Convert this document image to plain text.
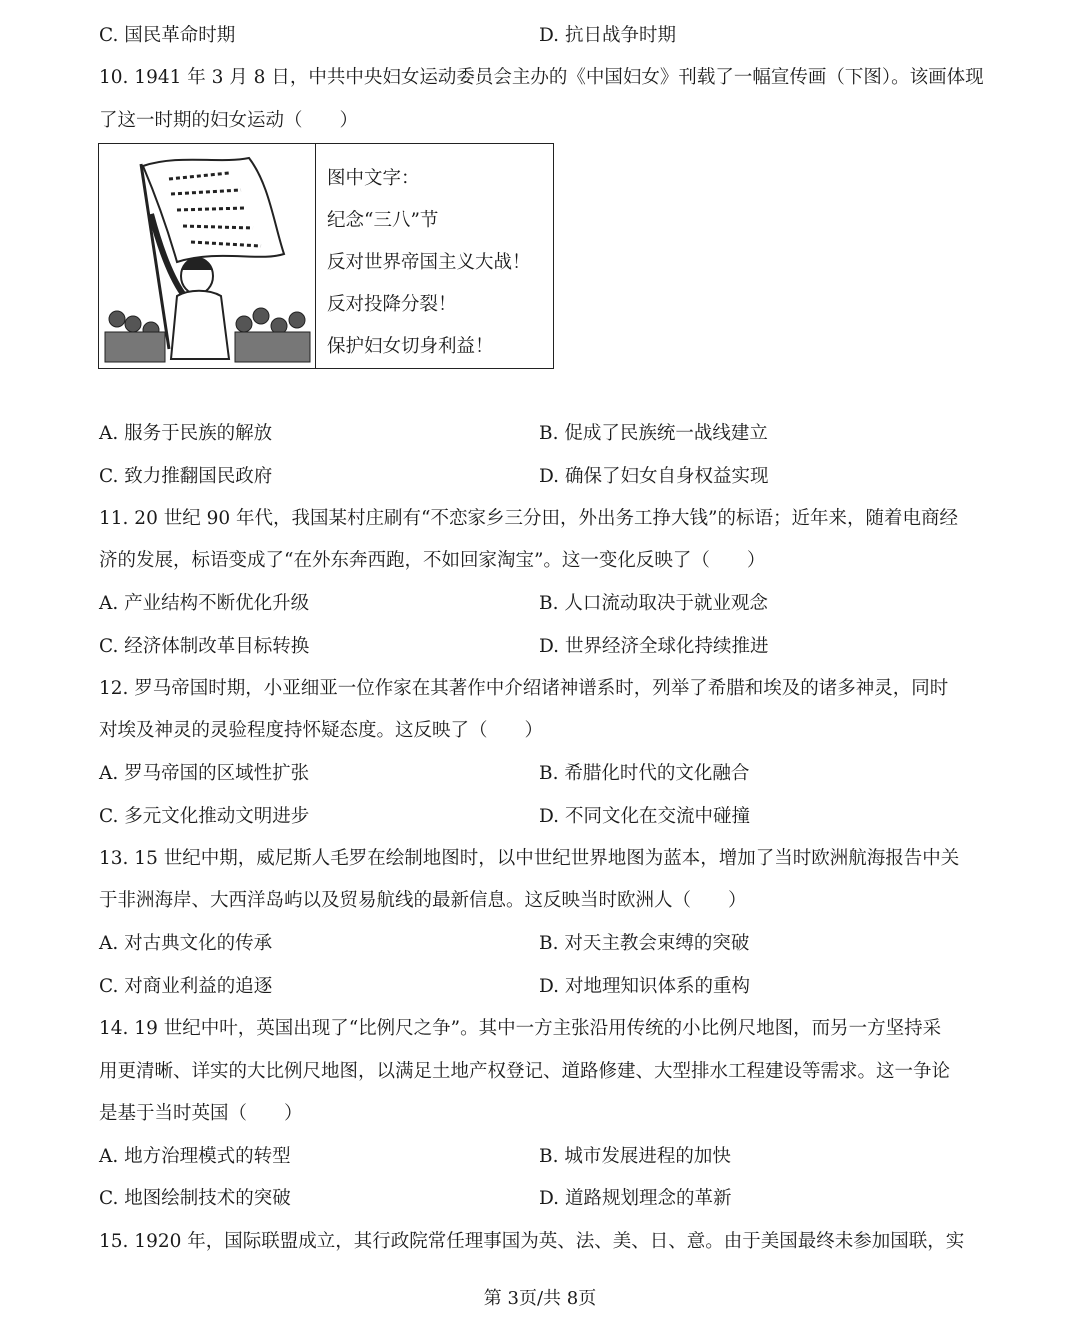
C. 国民革命时期	D. 抗日战争时期
10. 1941 年 3 月 8 日，中共中央妇女运动委员会主办的《中国妇女》刊载了一幅宣传画（下图）。该画体现
了这一时期的妇女运动（　　）
图中文字：
纪念“三八”节
反对世界帝国主义大战！
反对投降分裂！
保护妇女切身利益！
A. 服务于民族的解放	B. 促成了民族统一战线建立
C. 致力推翻国民政府	D. 确保了妇女自身权益实现
11. 20 世纪 90 年代，我国某村庄刷有“不恋家乡三分田，外出务工挣大钱”的标语；近年来，随着电商经
济的发展，标语变成了“在外东奔西跑，不如回家淘宝”。这一变化反映了（　　）
A. 产业结构不断优化升级	B. 人口流动取决于就业观念
C. 经济体制改革目标转换	D. 世界经济全球化持续推进
12. 罗马帝国时期，小亚细亚一位作家在其著作中介绍诸神谱系时，列举了希腊和埃及的诸多神灵，同时
对埃及神灵的灵验程度持怀疑态度。这反映了（　　）
A. 罗马帝国的区域性扩张	B. 希腊化时代的文化融合
C. 多元文化推动文明进步	D. 不同文化在交流中碰撞
13. 15 世纪中期，威尼斯人毛罗在绘制地图时，以中世纪世界地图为蓝本，增加了当时欧洲航海报告中关
于非洲海岸、大西洋岛屿以及贸易航线的最新信息。这反映当时欧洲人（　　）
A. 对古典文化的传承	B. 对天主教会束缚的突破
C. 对商业利益的追逐	D. 对地理知识体系的重构
14. 19 世纪中叶，英国出现了“比例尺之争”。其中一方主张沿用传统的小比例尺地图，而另一方坚持采
用更清晰、详实的大比例尺地图，以满足土地产权登记、道路修建、大型排水工程建设等需求。这一争论
是基于当时英国（　　）
A. 地方治理模式的转型	B. 城市发展进程的加快
C. 地图绘制技术的突破	D. 道路规划理念的革新
15. 1920 年，国际联盟成立，其行政院常任理事国为英、法、美、日、意。由于美国最终未参加国联，实
第 3页/共 8页
